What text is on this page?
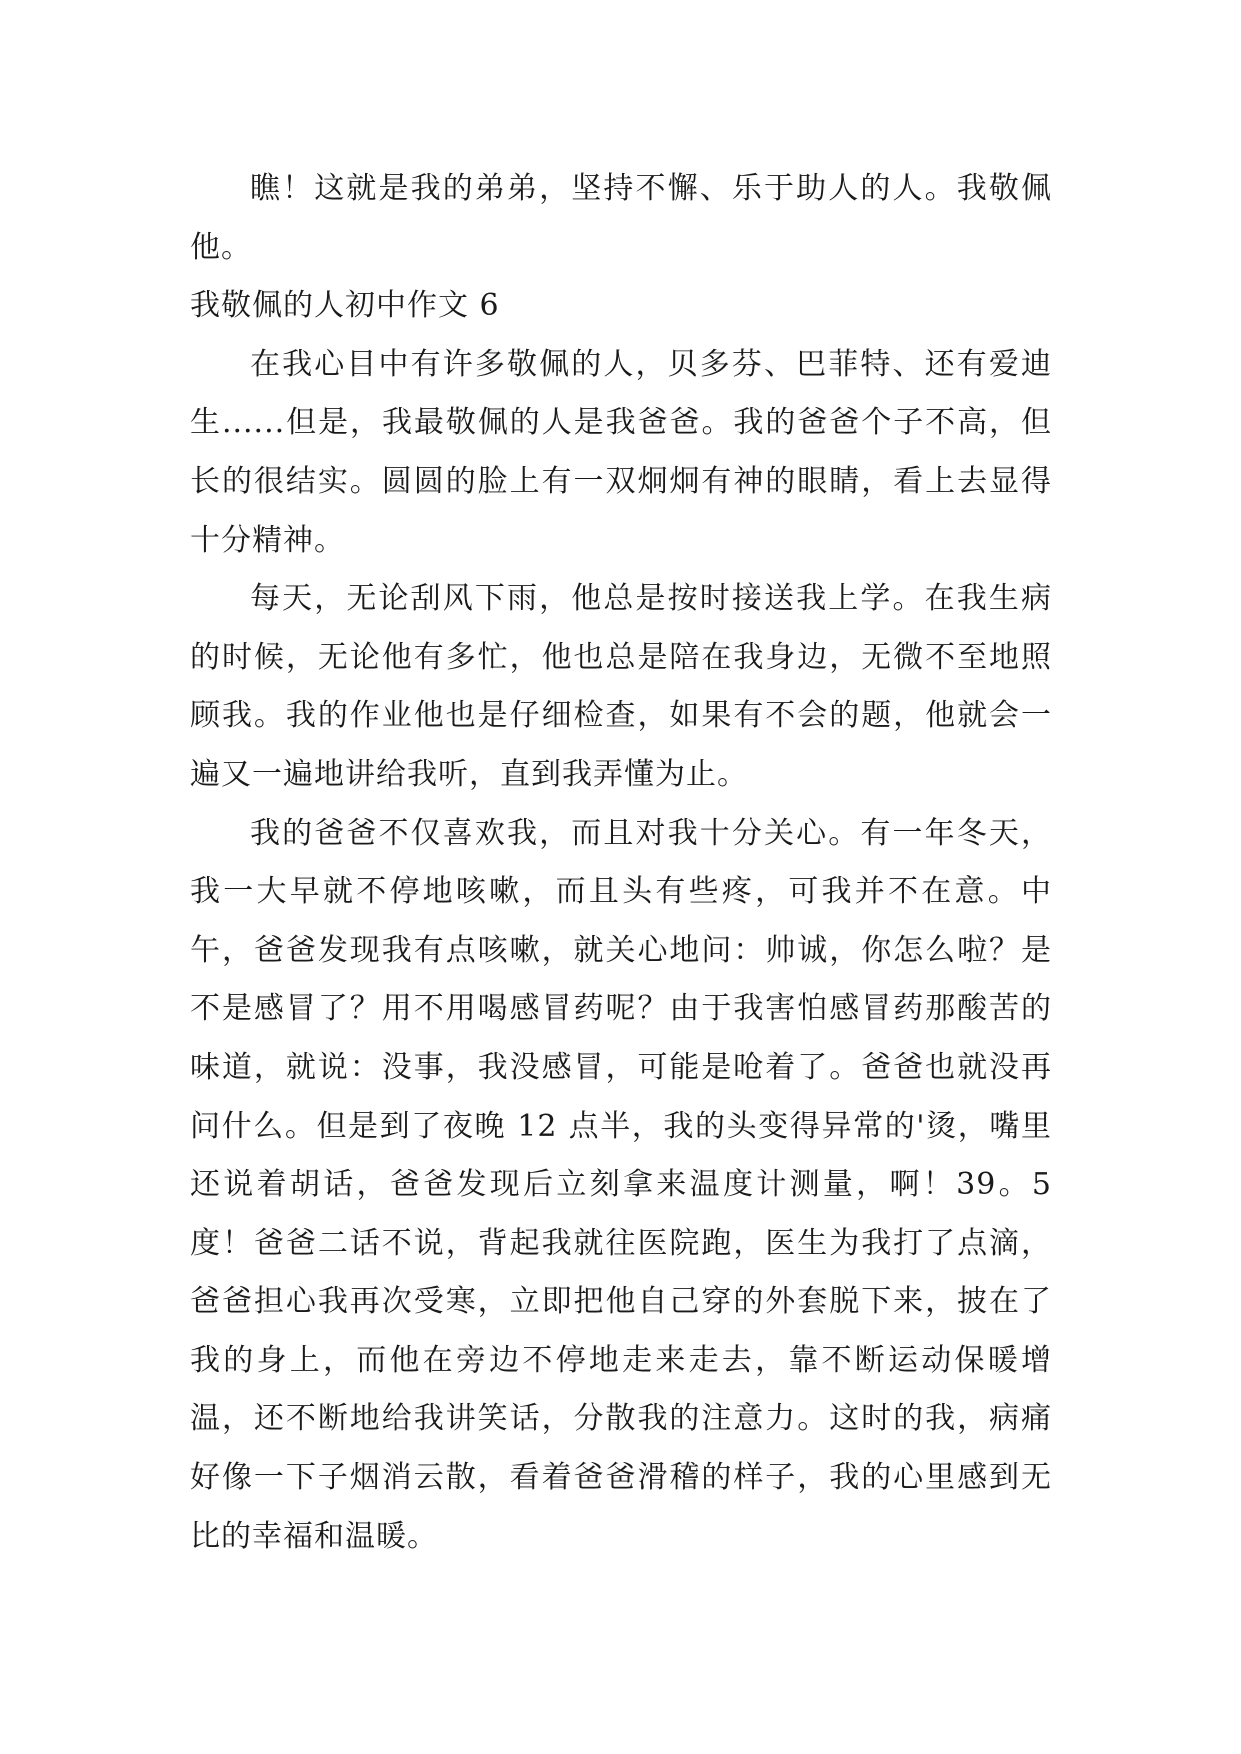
瞧！这就是我的弟弟，坚持不懈、乐于助人的人。我敬佩他。

我敬佩的人初中作文 6

在我心目中有许多敬佩的人，贝多芬、巴菲特、还有爱迪生......但是，我最敬佩的人是我爸爸。我的爸爸个子不高，但长的很结实。圆圆的脸上有一双炯炯有神的眼睛，看上去显得十分精神。

每天，无论刮风下雨，他总是按时接送我上学。在我生病的时候，无论他有多忙，他也总是陪在我身边，无微不至地照顾我。我的作业他也是仔细检查，如果有不会的题，他就会一遍又一遍地讲给我听，直到我弄懂为止。

我的爸爸不仅喜欢我，而且对我十分关心。有一年冬天，我一大早就不停地咳嗽，而且头有些疼，可我并不在意。中午，爸爸发现我有点咳嗽，就关心地问：帅诚，你怎么啦？是不是感冒了？用不用喝感冒药呢？由于我害怕感冒药那酸苦的味道，就说：没事，我没感冒，可能是呛着了。爸爸也就没再问什么。但是到了夜晚 12 点半，我的头变得异常的'烫，嘴里还说着胡话，爸爸发现后立刻拿来温度计测量，啊！39。5 度！爸爸二话不说，背起我就往医院跑，医生为我打了点滴，爸爸担心我再次受寒，立即把他自己穿的外套脱下来，披在了我的身上，而他在旁边不停地走来走去，靠不断运动保暖增温，还不断地给我讲笑话，分散我的注意力。这时的我，病痛好像一下子烟消云散，看着爸爸滑稽的样子，我的心里感到无比的幸福和温暖。
